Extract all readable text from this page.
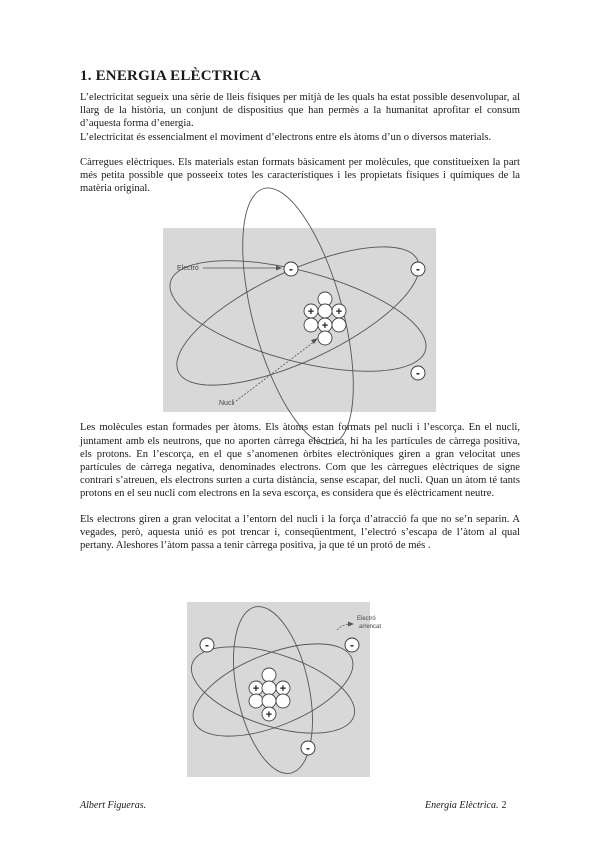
1. ENERGIA ELÈCTRICA

L’electricitat segueix una sèrie de lleis físiques per mitjà de les quals ha estat possible desenvolupar, al llarg de la història, un conjunt de dispositius que han permès a la humanitat aprofitar el consum d’aquesta forma d’energia.

L’electricitat és essencialment el moviment d’electrons entre els àtoms d’un o diversos materials.

Càrregues elèctriques. Els materials estan formats bàsicament per molècules, que constitueixen la part més petita possible que posseeix totes les característiques i les propietats físiques i químiques de la matèria original.

Les molècules estan formades per àtoms. Els àtoms estan formats pel nucli i l’escorça. En el nucli, juntament amb els neutrons, que no aporten càrrega elèctrica, hi ha les partícules de càrrega positiva, els protons. En l’escorça, en el que s’anomenen òrbites electròniques giren a gran velocitat unes partícules de càrrega negativa, denominades electrons. Com que les càrregues elèctriques de signe contrari s’atreuen, els electrons surten a curta distància, sense escapar, del nucli. Quan un àtom té tants protons en el seu nucli com electrons en la seva escorça, es considera que és elèctricament neutre.

Els electrons giren a gran velocitat a l’entorn del nucli i la força d’atracció fa que no se’n separin. A vegades, però, aquesta unió es pot trencar i, conseqüentment, l’electró s’escapa de l’àtom al qual pertany. Aleshores l’àtom passa a tenir càrrega positiva, ja que té un protó de més .

+ +
+
-	-
-
Electró
Nucli
+ +
+
-	-
-
Electró
arrencat
Albert Figueras.	Energia Elèctrica. 2
